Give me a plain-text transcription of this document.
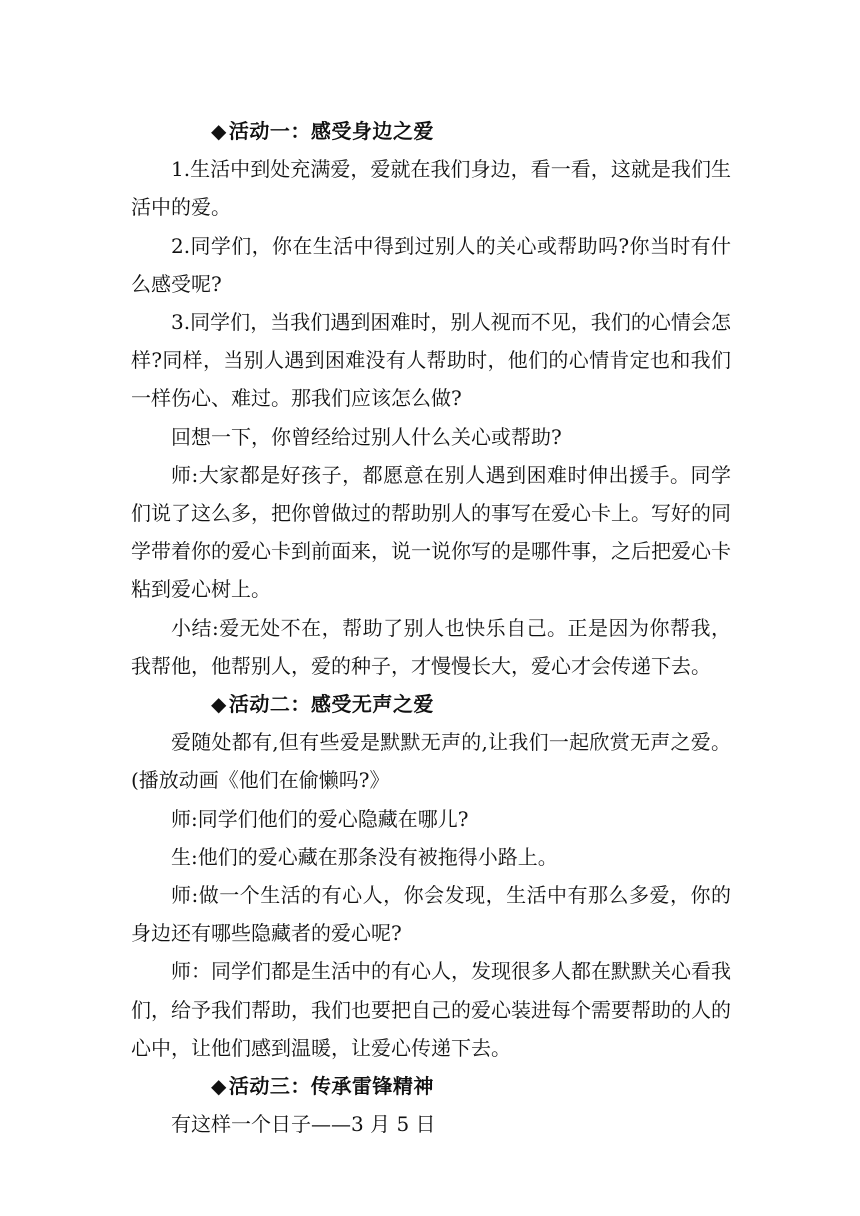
◆ 活动一：感受身边之爱

1.生活中到处充满爱，爱就在我们身边，看一看，这就是我们生活中的爱。

2.同学们，你在生活中得到过别人的关心或帮助吗?你当时有什么感受呢?

3.同学们，当我们遇到困难时，别人视而不见，我们的心情会怎样?同样，当别人遇到困难没有人帮助时，他们的心情肯定也和我们一样伤心、难过。那我们应该怎么做?

回想一下，你曾经给过别人什么关心或帮助?

师:大家都是好孩子，都愿意在别人遇到困难时伸出援手。同学们说了这么多，把你曾做过的帮助别人的事写在爱心卡上。写好的同学带着你的爱心卡到前面来，说一说你写的是哪件事，之后把爱心卡粘到爱心树上。

小结:爱无处不在，帮助了别人也快乐自己。正是因为你帮我，我帮他，他帮别人，爱的种子，才慢慢长大，爱心才会传递下去。

◆ 活动二：感受无声之爱

爱随处都有,但有些爱是默默无声的,让我们一起欣赏无声之爱。(播放动画《他们在偷懒吗?》

师:同学们他们的爱心隐藏在哪儿?

生:他们的爱心藏在那条没有被拖得小路上。

师:做一个生活的有心人，你会发现，生活中有那么多爱，你的身边还有哪些隐藏者的爱心呢?

师：同学们都是生活中的有心人，发现很多人都在默默关心看我们，给予我们帮助，我们也要把自己的爱心装进每个需要帮助的人的心中，让他们感到温暖，让爱心传递下去。

◆ 活动三：传承雷锋精神

有这样一个日子——3 月 5 日
